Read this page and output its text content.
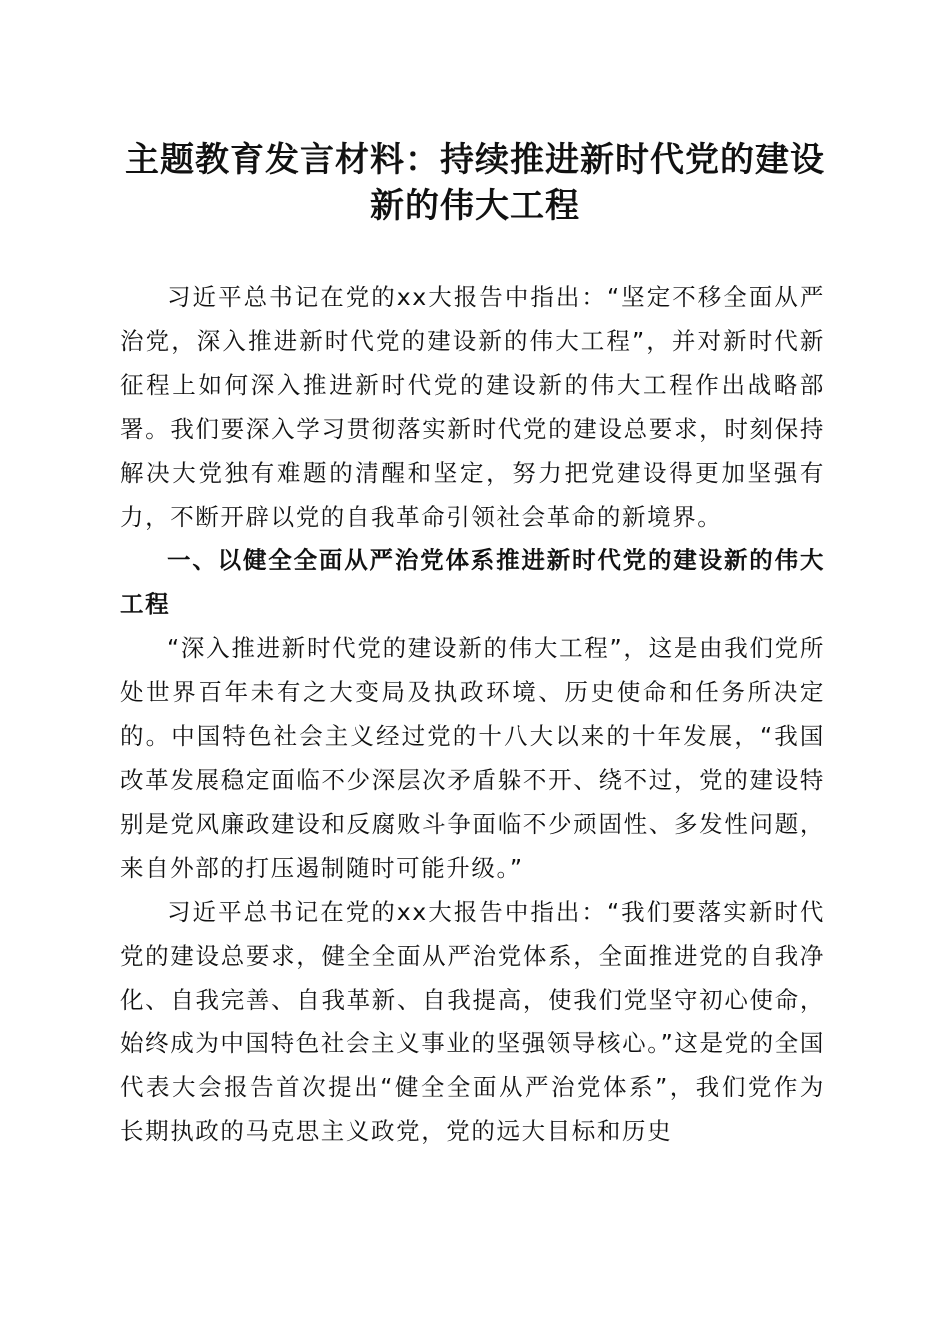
主题教育发言材料：持续推进新时代党的建设
新的伟大工程

习近平总书记在党的xx大报告中指出：“坚定不移全面从严治党，深入推进新时代党的建设新的伟大工程”，并对新时代新征程上如何深入推进新时代党的建设新的伟大工程作出战略部署。我们要深入学习贯彻落实新时代党的建设总要求，时刻保持解决大党独有难题的清醒和坚定，努力把党建设得更加坚强有力，不断开辟以党的自我革命引领社会革命的新境界。

一、以健全全面从严治党体系推进新时代党的建设新的伟大工程

“深入推进新时代党的建设新的伟大工程”，这是由我们党所处世界百年未有之大变局及执政环境、历史使命和任务所决定的。中国特色社会主义经过党的十八大以来的十年发展，“我国改革发展稳定面临不少深层次矛盾躲不开、绕不过，党的建设特别是党风廉政建设和反腐败斗争面临不少顽固性、多发性问题，来自外部的打压遏制随时可能升级。”

习近平总书记在党的xx大报告中指出：“我们要落实新时代党的建设总要求，健全全面从严治党体系，全面推进党的自我净化、自我完善、自我革新、自我提高，使我们党坚守初心使命，始终成为中国特色社会主义事业的坚强领导核心。”这是党的全国代表大会报告首次提出“健全全面从严治党体系”，我们党作为长期执政的马克思主义政党，党的远大目标和历史
